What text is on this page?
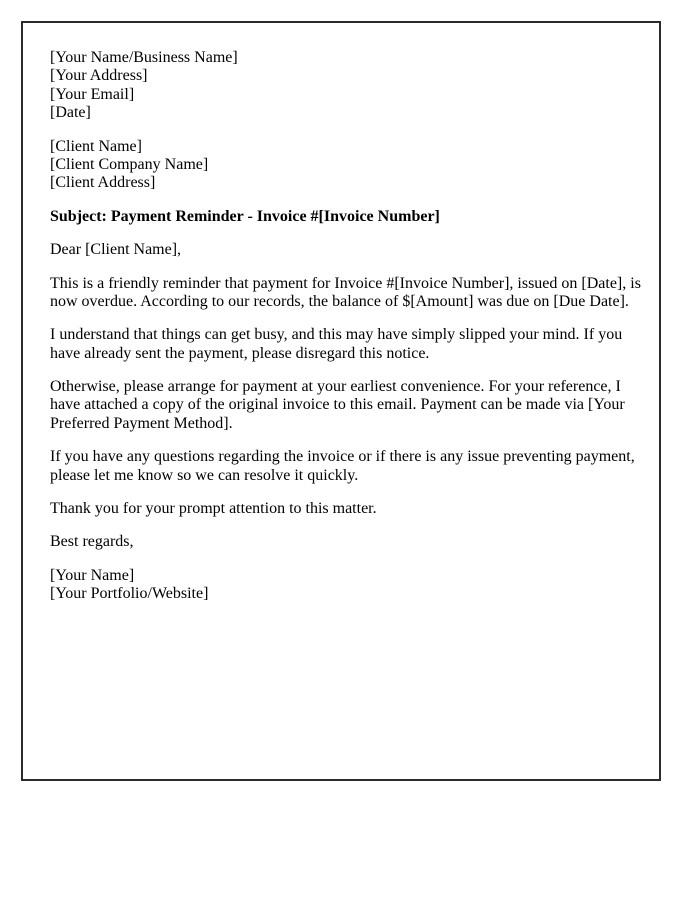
[Your Name/Business Name]
[Your Address]
[Your Email]
[Date]
[Client Name]
[Client Company Name]
[Client Address]
Subject: Payment Reminder - Invoice #[Invoice Number]
Dear [Client Name],
This is a friendly reminder that payment for Invoice #[Invoice Number], issued on [Date], is now overdue. According to our records, the balance of $[Amount] was due on [Due Date].
I understand that things can get busy, and this may have simply slipped your mind. If you have already sent the payment, please disregard this notice.
Otherwise, please arrange for payment at your earliest convenience. For your reference, I have attached a copy of the original invoice to this email. Payment can be made via [Your Preferred Payment Method].
If you have any questions regarding the invoice or if there is any issue preventing payment, please let me know so we can resolve it quickly.
Thank you for your prompt attention to this matter.
Best regards,
[Your Name]
[Your Portfolio/Website]
